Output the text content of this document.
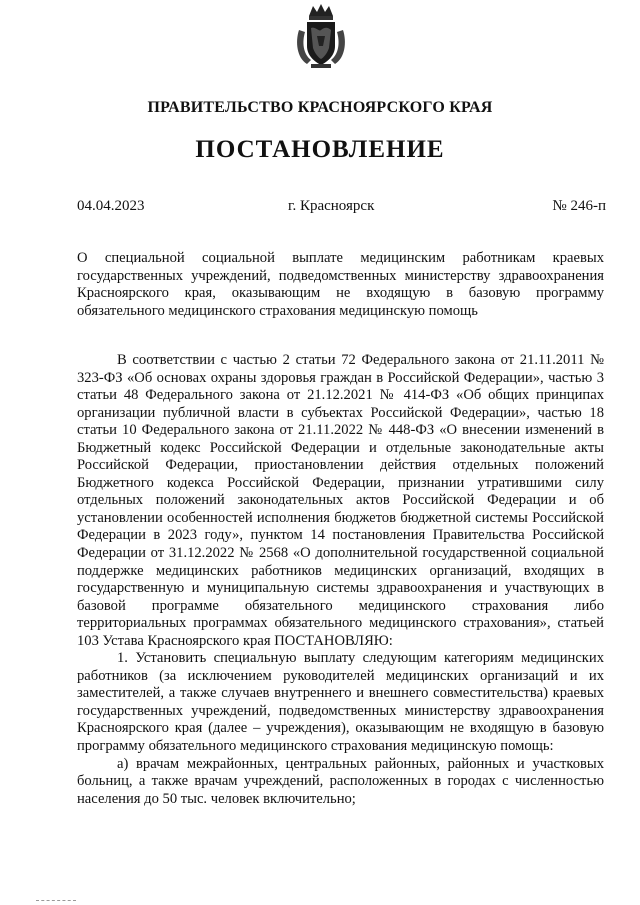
ПРАВИТЕЛЬСТВО КРАСНОЯРСКОГО КРАЯ
ПОСТАНОВЛЕНИЕ
04.04.2023	г. Красноярск	№ 246-п
О специальной социальной выплате медицинским работникам краевых государственных учреждений, подведомственных министерству здравоохранения Красноярского края, оказывающим не входящую в базовую программу обязательного медицинского страхования медицинскую помощь

В соответствии с частью 2 статьи 72 Федерального закона от 21.11.2011 № 323-ФЗ «Об основах охраны здоровья граждан в Российской Федерации», частью 3 статьи 48 Федерального закона от 21.12.2021 № 414-ФЗ «Об общих принципах организации публичной власти в субъектах Российской Федерации», частью 18 статьи 10 Федерального закона от 21.11.2022 № 448-ФЗ «О внесении изменений в Бюджетный кодекс Российской Федерации и отдельные законодательные акты Российской Федерации, приостановлении действия отдельных положений Бюджетного кодекса Российской Федерации, признании утратившими силу отдельных положений законодательных актов Российской Федерации и об установлении особенностей исполнения бюджетов бюджетной системы Российской Федерации в 2023 году», пунктом 14 постановления Правительства Российской Федерации от 31.12.2022 № 2568 «О дополнительной государственной социальной поддержке медицинских работников медицинских организаций, входящих в государственную и муниципальную системы здравоохранения и участвующих в базовой программе обязательного медицинского страхования либо территориальных программах обязательного медицинского страхования», статьей 103 Устава Красноярского края ПОСТАНОВЛЯЮ:

1. Установить специальную выплату следующим категориям медицинских работников (за исключением руководителей медицинских организаций и их заместителей, а также случаев внутреннего и внешнего совместительства) краевых государственных учреждений, подведомственных министерству здравоохранения Красноярского края (далее – учреждения), оказывающим не входящую в базовую программу обязательного медицинского страхования медицинскую помощь:

а) врачам межрайонных, центральных районных, районных и участковых больниц, а также врачам учреждений, расположенных в городах с численностью населения до 50 тыс. человек включительно;
